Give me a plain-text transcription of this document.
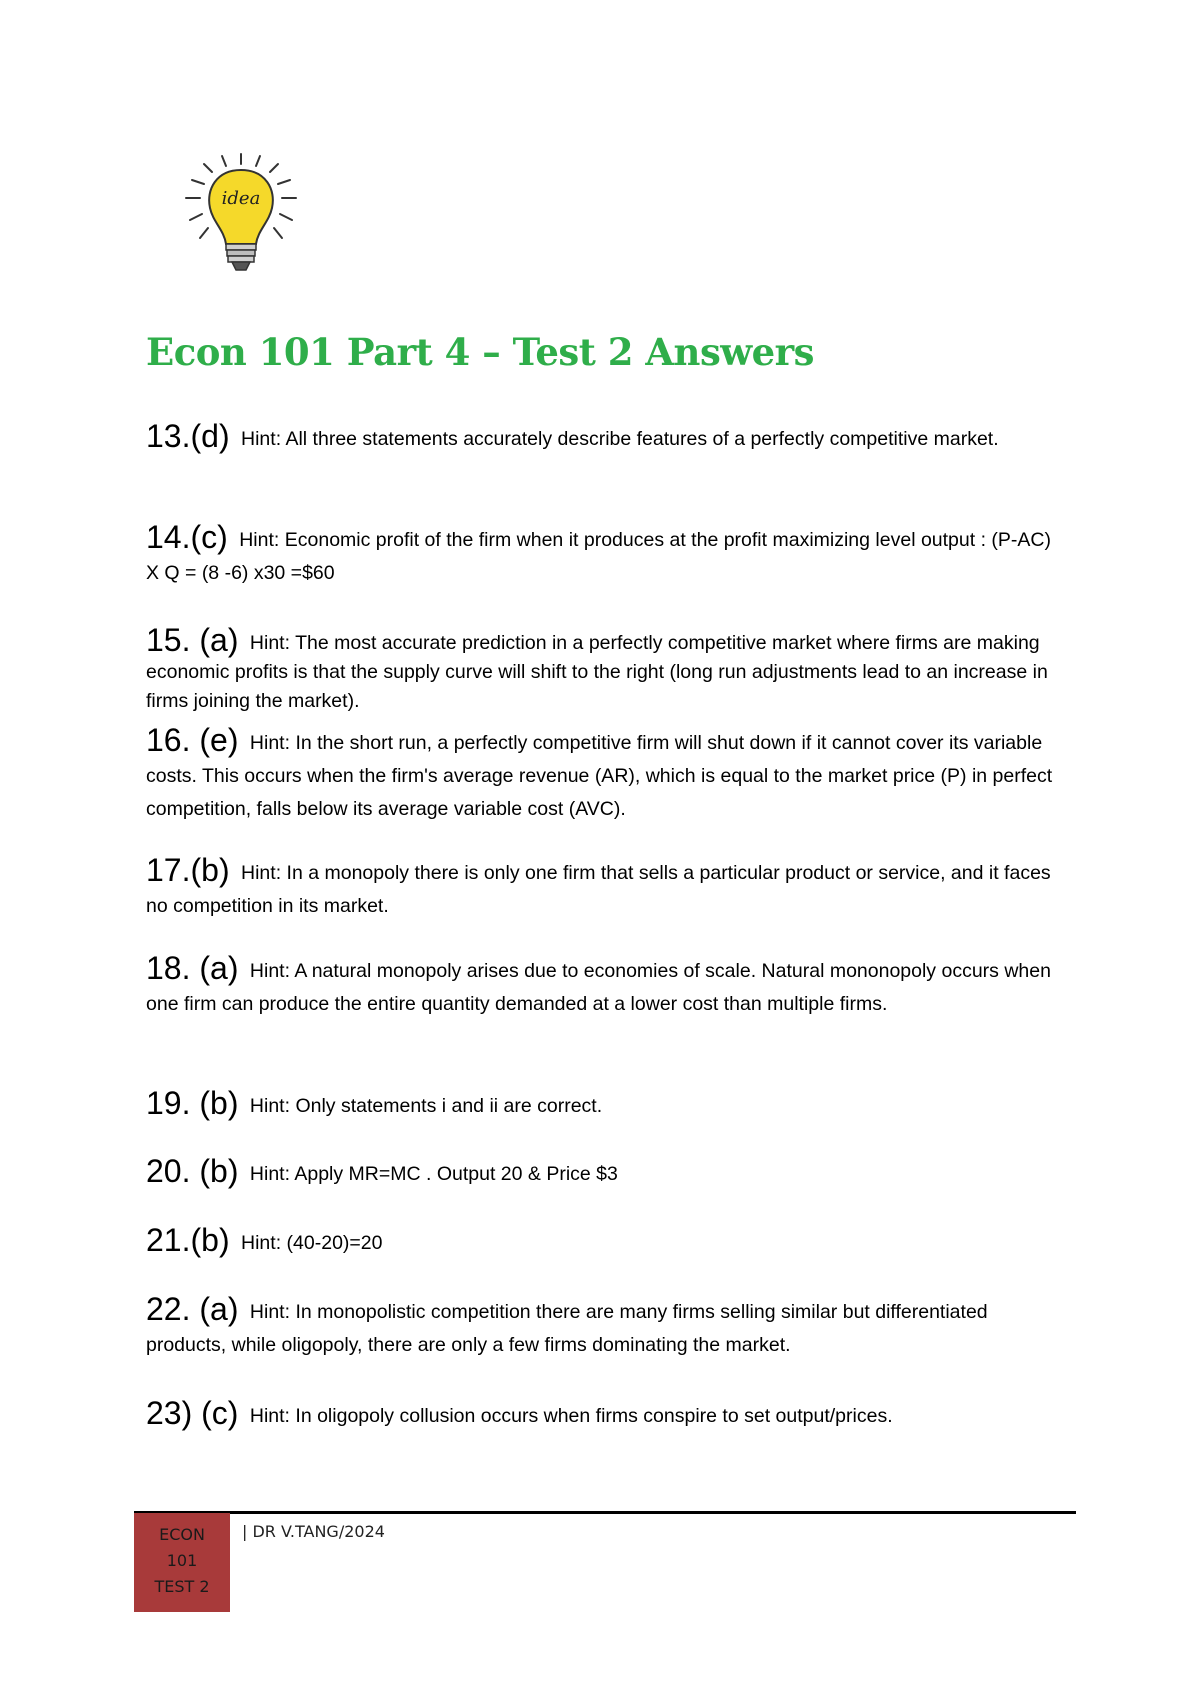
idea
Econ 101 Part 4 – Test 2 Answers
13.(d) Hint: All three statements accurately describe features of a perfectly competitive market.
14.(c) Hint: Economic profit of the firm when it produces at the profit maximizing level output : (P-AC) X Q = (8 -6) x30 =$60
15. (a) Hint: The most accurate prediction in a perfectly competitive market where firms are making economic profits is that the supply curve will shift to the right (long run adjustments lead to an increase in firms joining the market).
16. (e) Hint: In the short run, a perfectly competitive firm will shut down if it cannot cover its variable costs. This occurs when the firm's average revenue (AR), which is equal to the market price (P) in perfect competition, falls below its average variable cost (AVC).
17.(b) Hint: In a monopoly there is only one firm that sells a particular product or service, and it faces no competition in its market.
18. (a) Hint: A natural monopoly arises due to economies of scale. Natural mononopoly occurs when one firm can produce the entire quantity demanded at a lower cost than multiple firms.
19. (b) Hint: Only statements i and ii are correct.
20. (b) Hint: Apply MR=MC . Output 20 & Price $3
21.(b) Hint: (40-20)=20
22. (a) Hint: In monopolistic competition there are many firms selling similar but differentiated products, while oligopoly, there are only a few firms dominating the market.
23) (c) Hint: In oligopoly collusion occurs when firms conspire to set output/prices.
ECON
101
TEST 2
| DR V.TANG/2024
